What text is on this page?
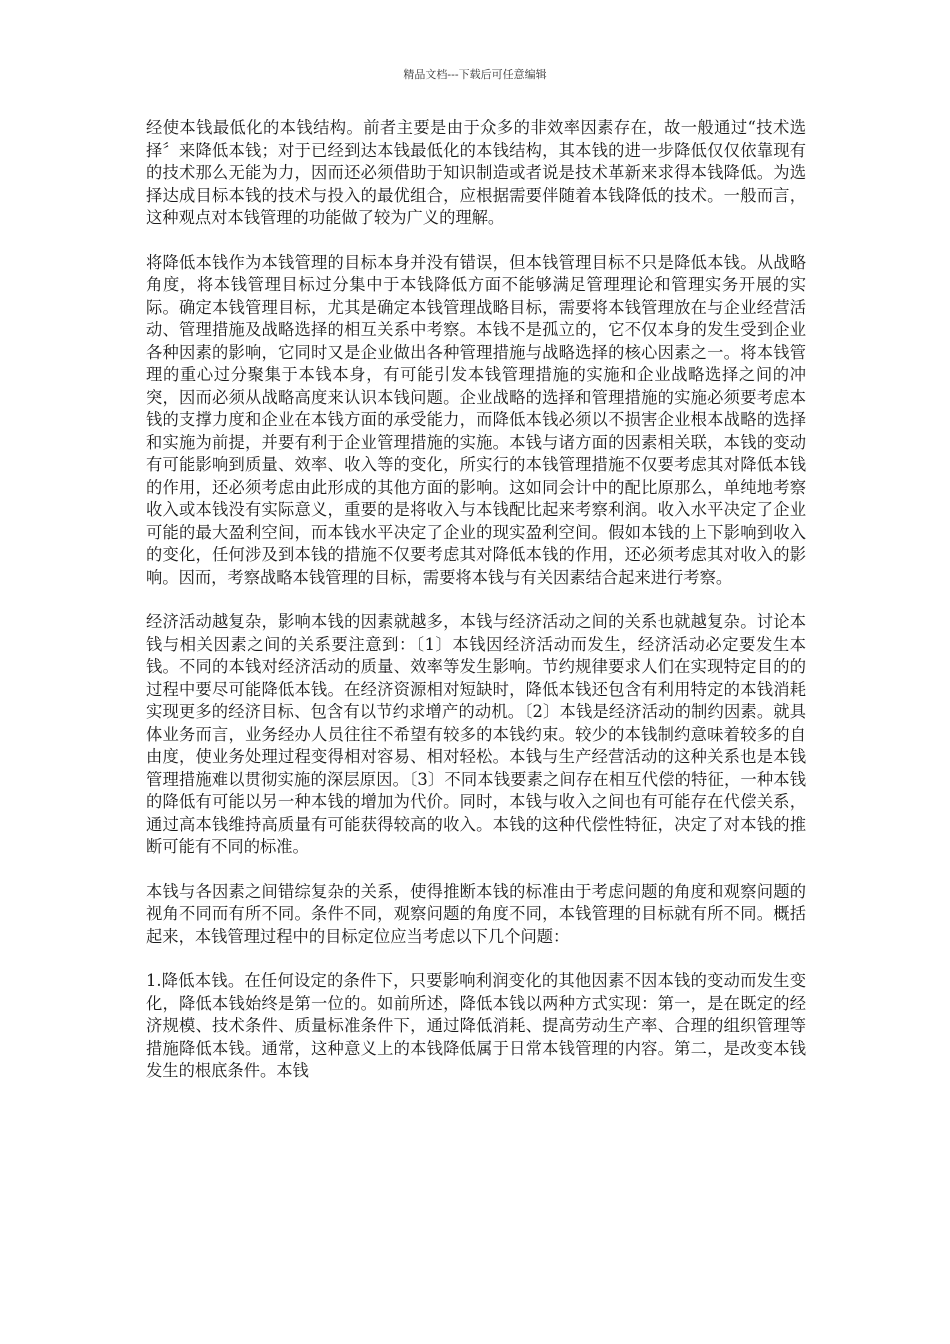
精品文档---下载后可任意编辑

经使本钱最低化的本钱结构。前者主要是由于众多的非效率因素存在，故一般通过“技术选择〞来降低本钱；对于已经到达本钱最低化的本钱结构，其本钱的进一步降低仅仅依靠现有的技术那么无能为力，因而还必须借助于知识制造或者说是技术革新来求得本钱降低。为选择达成目标本钱的技术与投入的最优组合，应根据需要伴随着本钱降低的技术。一般而言，这种观点对本钱管理的功能做了较为广义的理解。

将降低本钱作为本钱管理的目标本身并没有错误，但本钱管理目标不只是降低本钱。从战略角度，将本钱管理目标过分集中于本钱降低方面不能够满足管理理论和管理实务开展的实际。确定本钱管理目标，尤其是确定本钱管理战略目标，需要将本钱管理放在与企业经营活动、管理措施及战略选择的相互关系中考察。本钱不是孤立的，它不仅本身的发生受到企业各种因素的影响，它同时又是企业做出各种管理措施与战略选择的核心因素之一。将本钱管理的重心过分聚集于本钱本身，有可能引发本钱管理措施的实施和企业战略选择之间的冲突，因而必须从战略高度来认识本钱问题。企业战略的选择和管理措施的实施必须要考虑本钱的支撑力度和企业在本钱方面的承受能力，而降低本钱必须以不损害企业根本战略的选择和实施为前提，并要有利于企业管理措施的实施。本钱与诸方面的因素相关联，本钱的变动有可能影响到质量、效率、收入等的变化，所实行的本钱管理措施不仅要考虑其对降低本钱的作用，还必须考虑由此形成的其他方面的影响。这如同会计中的配比原那么，单纯地考察收入或本钱没有实际意义，重要的是将收入与本钱配比起来考察利润。收入水平决定了企业可能的最大盈利空间，而本钱水平决定了企业的现实盈利空间。假如本钱的上下影响到收入的变化，任何涉及到本钱的措施不仅要考虑其对降低本钱的作用，还必须考虑其对收入的影响。因而，考察战略本钱管理的目标，需要将本钱与有关因素结合起来进行考察。

经济活动越复杂，影响本钱的因素就越多，本钱与经济活动之间的关系也就越复杂。讨论本钱与相关因素之间的关系要注意到：〔1〕本钱因经济活动而发生，经济活动必定要发生本钱。不同的本钱对经济活动的质量、效率等发生影响。节约规律要求人们在实现特定目的的过程中要尽可能降低本钱。在经济资源相对短缺时，降低本钱还包含有利用特定的本钱消耗实现更多的经济目标、包含有以节约求增产的动机。〔2〕本钱是经济活动的制约因素。就具体业务而言，业务经办人员往往不希望有较多的本钱约束。较少的本钱制约意味着较多的自由度，使业务处理过程变得相对容易、相对轻松。本钱与生产经营活动的这种关系也是本钱管理措施难以贯彻实施的深层原因。〔3〕不同本钱要素之间存在相互代偿的特征，一种本钱的降低有可能以另一种本钱的增加为代价。同时，本钱与收入之间也有可能存在代偿关系，通过高本钱维持高质量有可能获得较高的收入。本钱的这种代偿性特征，决定了对本钱的推断可能有不同的标准。

本钱与各因素之间错综复杂的关系，使得推断本钱的标准由于考虑问题的角度和观察问题的视角不同而有所不同。条件不同，观察问题的角度不同，本钱管理的目标就有所不同。概括起来，本钱管理过程中的目标定位应当考虑以下几个问题：

1.降低本钱。在任何设定的条件下，只要影响利润变化的其他因素不因本钱的变动而发生变化，降低本钱始终是第一位的。如前所述，降低本钱以两种方式实现：第一，是在既定的经济规模、技术条件、质量标准条件下，通过降低消耗、提高劳动生产率、合理的组织管理等措施降低本钱。通常，这种意义上的本钱降低属于日常本钱管理的内容。第二，是改变本钱发生的根底条件。本钱
